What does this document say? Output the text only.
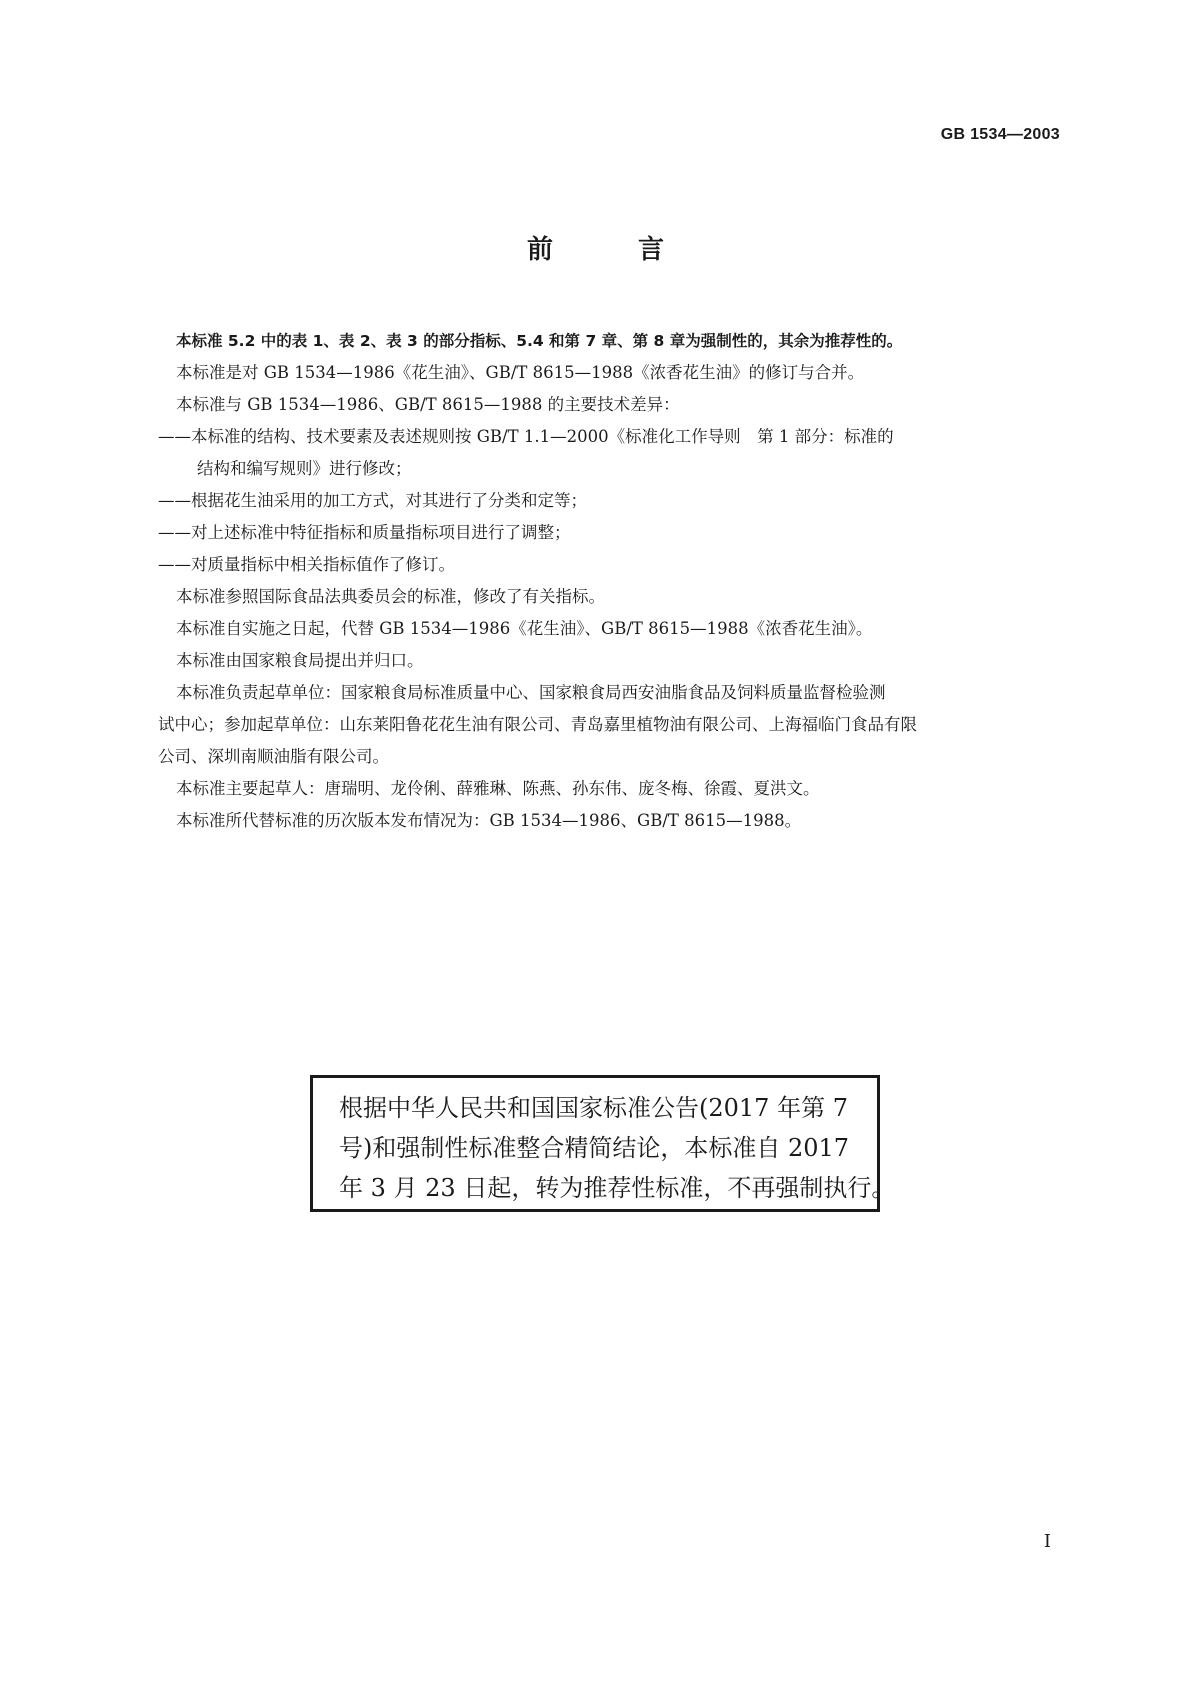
GB 1534—2003
前 言
本标准 5.2 中的表 1、表 2、表 3 的部分指标、5.4 和第 7 章、第 8 章为强制性的，其余为推荐性的。
本标准是对 GB 1534—1986《花生油》、GB/T 8615—1988《浓香花生油》的修订与合并。
本标准与 GB 1534—1986、GB/T 8615—1988 的主要技术差异：
——本标准的结构、技术要素及表述规则按 GB/T 1.1—2000《标准化工作导则　第 1 部分：标准的
结构和编写规则》进行修改；
——根据花生油采用的加工方式，对其进行了分类和定等；
——对上述标准中特征指标和质量指标项目进行了调整；
——对质量指标中相关指标值作了修订。
本标准参照国际食品法典委员会的标准，修改了有关指标。
本标准自实施之日起，代替 GB 1534—1986《花生油》、GB/T 8615—1988《浓香花生油》。
本标准由国家粮食局提出并归口。
本标准负责起草单位：国家粮食局标准质量中心、国家粮食局西安油脂食品及饲料质量监督检验测
试中心；参加起草单位：山东莱阳鲁花花生油有限公司、青岛嘉里植物油有限公司、上海福临门食品有限
公司、深圳南顺油脂有限公司。
本标准主要起草人：唐瑞明、龙伶俐、薛雅琳、陈燕、孙东伟、庞冬梅、徐霞、夏洪文。
本标准所代替标准的历次版本发布情况为：GB 1534—1986、GB/T 8615—1988。
根据中华人民共和国国家标准公告(2017 年第 7
号)和强制性标准整合精简结论，本标准自 2017
年 3 月 23 日起，转为推荐性标准，不再强制执行。
I
